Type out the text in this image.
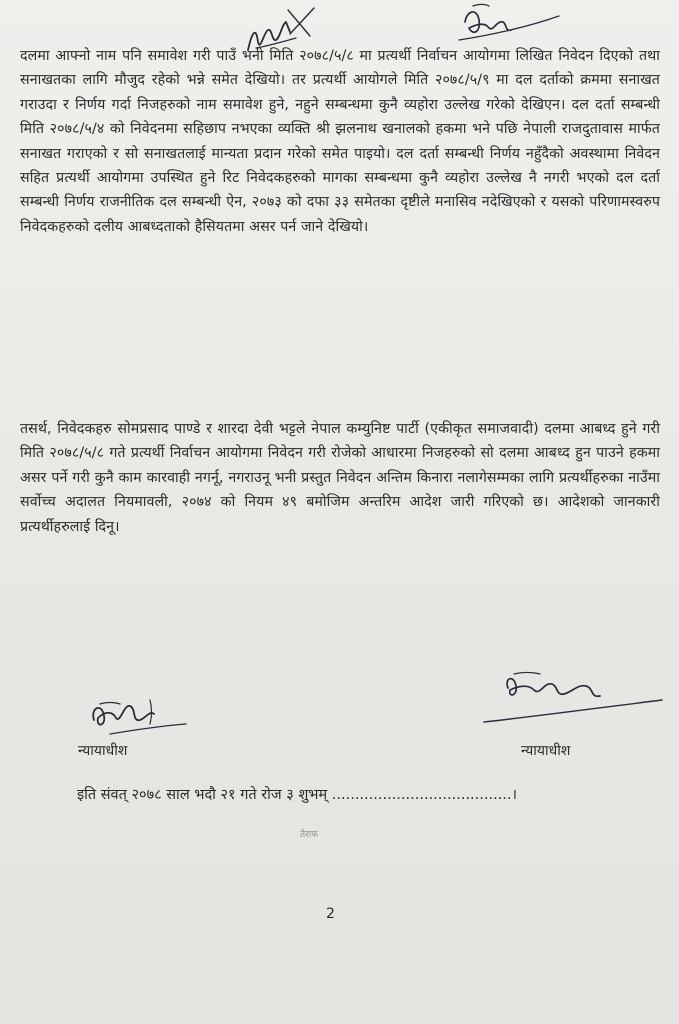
दलमा आफ्नो नाम पनि समावेश गरी पाउँ भनी मिति २०७८/५/८ मा प्रत्यर्थी निर्वाचन आयोगमा लिखित निवेदन दिएको तथा सनाखतका लागि मौजुद रहेको भन्ने समेत देखियो। तर प्रत्यर्थी आयोगले मिति २०७८/५/९ मा दल दर्ताको क्रममा सनाखत गराउदा र निर्णय गर्दा निजहरुको नाम समावेश हुने, नहुने सम्बन्धमा कुनै व्यहोरा उल्लेख गरेको देखिएन। दल दर्ता सम्बन्धी मिति २०७८/५/४ को निवेदनमा सहिछाप नभएका व्यक्ति श्री झलनाथ खनालको हकमा भने पछि नेपाली राजदुतावास मार्फत सनाखत गराएको र सो सनाखतलाई मान्यता प्रदान गरेको समेत पाइयो। दल दर्ता सम्बन्धी निर्णय नहुँदैको अवस्थामा निवेदन सहित प्रत्यर्थी आयोगमा उपस्थित हुने रिट निवेदकहरुको मागका सम्बन्धमा कुनै व्यहोरा उल्लेख नै नगरी भएको दल दर्ता सम्बन्धी निर्णय राजनीतिक दल सम्बन्धी ऐन, २०७३ को दफा ३३ समेतका दृष्टीले मनासिव नदेखिएको र यसको परिणामस्वरुप निवेदकहरुको दलीय आबध्दताको हैसियतमा असर पर्न जाने देखियो।

तसर्थ, निवेदकहरु सोमप्रसाद पाण्डे र शारदा देवी भट्टले नेपाल कम्युनिष्ट पार्टी (एकीकृत समाजवादी) दलमा आबध्द हुने गरी मिति २०७८/५/८ गते प्रत्यर्थी निर्वाचन आयोगमा निवेदन गरी रोजेको आधारमा निजहरुको सो दलमा आबध्द हुन पाउने हकमा असर पर्ने गरी कुनै काम कारवाही नगर्नू, नगराउनू भनी प्रस्तुत निवेदन अन्तिम किनारा नलागेसम्मका लागि प्रत्यर्थीहरुका नाउँमा सर्वोच्च अदालत नियमावली, २०७४ को नियम ४९ बमोजिम अन्तरिम आदेश जारी गरिएको छ। आदेशको जानकारी प्रत्यर्थीहरुलाई दिनू।

न्यायाधीश	न्यायाधीश
इति संवत् २०७८ साल भदौ २१ गते रोज ३ शुभम् .......................................।
तेराफ
2
